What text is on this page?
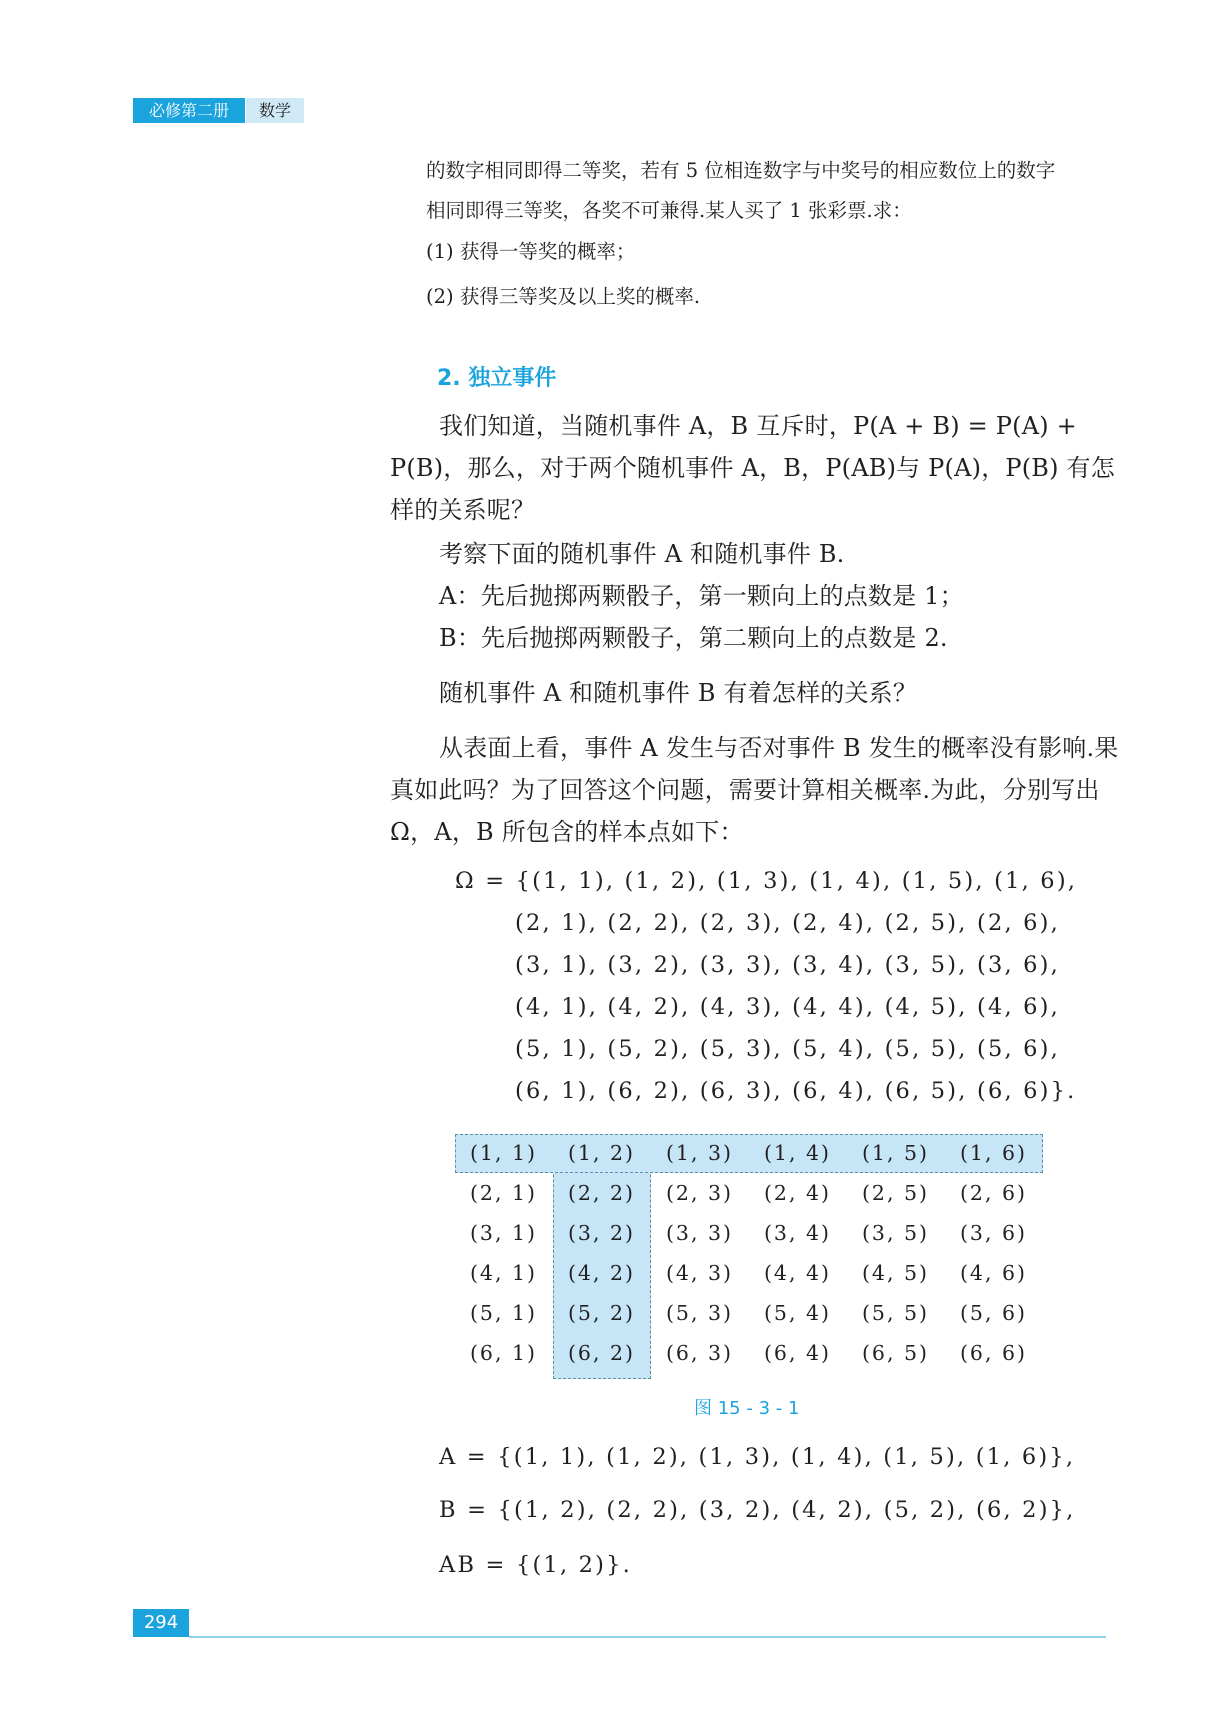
必修第二册	数学
的数字相同即得二等奖，若有 5 位相连数字与中奖号的相应数位上的数字
相同即得三等奖，各奖不可兼得.某人买了 1 张彩票.求：
(1) 获得一等奖的概率；
(2) 获得三等奖及以上奖的概率.
2. 独立事件
我们知道，当随机事件 A，B 互斥时，P(A + B) = P(A) +
P(B)，那么，对于两个随机事件 A，B，P(AB)与 P(A)，P(B) 有怎
样的关系呢？
考察下面的随机事件 A 和随机事件 B.
A：先后抛掷两颗骰子，第一颗向上的点数是 1；
B：先后抛掷两颗骰子，第二颗向上的点数是 2.
随机事件 A 和随机事件 B 有着怎样的关系？
从表面上看，事件 A 发生与否对事件 B 发生的概率没有影响.果
真如此吗？为了回答这个问题，需要计算相关概率.为此，分别写出
Ω，A，B 所包含的样本点如下：
Ω = {(1, 1), (1, 2), (1, 3), (1, 4), (1, 5), (1, 6),
(2, 1), (2, 2), (2, 3), (2, 4), (2, 5), (2, 6),
(3, 1), (3, 2), (3, 3), (3, 4), (3, 5), (3, 6),
(4, 1), (4, 2), (4, 3), (4, 4), (4, 5), (4, 6),
(5, 1), (5, 2), (5, 3), (5, 4), (5, 5), (5, 6),
(6, 1), (6, 2), (6, 3), (6, 4), (6, 5), (6, 6)}.
(1, 1)	(1, 2)	(1, 3)	(1, 4)	(1, 5)	(1, 6)
(2, 1)	(2, 2)	(2, 3)	(2, 4)	(2, 5)	(2, 6)
(3, 1)	(3, 2)	(3, 3)	(3, 4)	(3, 5)	(3, 6)
(4, 1)	(4, 2)	(4, 3)	(4, 4)	(4, 5)	(4, 6)
(5, 1)	(5, 2)	(5, 3)	(5, 4)	(5, 5)	(5, 6)
(6, 1)	(6, 2)	(6, 3)	(6, 4)	(6, 5)	(6, 6)
图 15 - 3 - 1
A = {(1, 1), (1, 2), (1, 3), (1, 4), (1, 5), (1, 6)},
B = {(1, 2), (2, 2), (3, 2), (4, 2), (5, 2), (6, 2)},
AB = {(1, 2)}.
294
